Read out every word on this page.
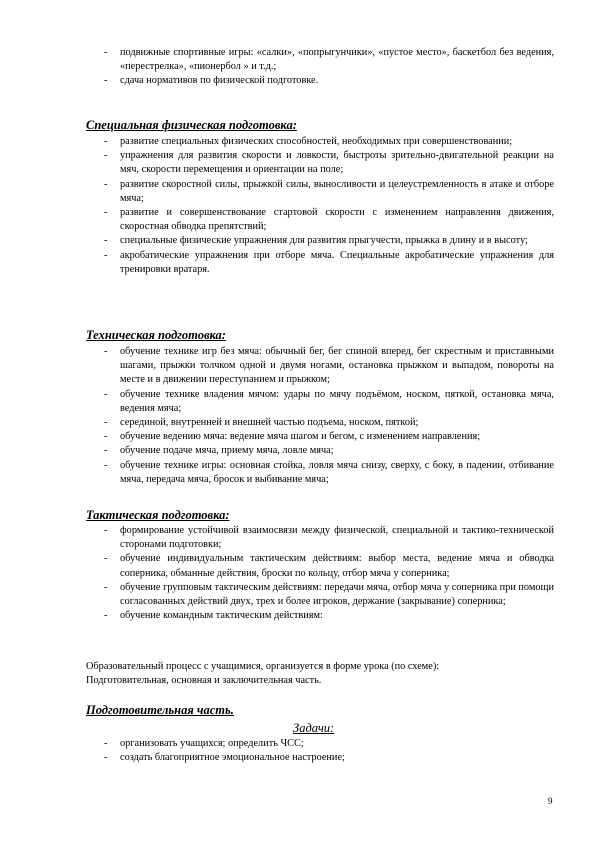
- подвижные спортивные игры: «салки», «попрыгунчики», «пустое место», баскетбол без ведения, «перестрелка», «пионербол » и т.д.;
- сдача нормативов по физической подготовке.
Специальная физическая подготовка:
- развитие специальных физических способностей, необходимых при совершенствовании;
- упражнения для развития скорости и ловкости, быстроты зрительно-двигательной реакции на мяч, скорости перемещения и ориентации на поле;
- развитие скоростной силы, прыжкой силы, выносливости и целеустремленность в атаке и отборе мяча;
- развитие и совершенствование стартовой скорости с изменением направления движения, скоростная обводка препятствий;
- специальные физические упражнения для развития прыгучести, прыжка в длину и в высоту;
- акробатические упражнения при отборе мяча. Специальные акробатические упражнения для тренировки вратаря.
Техническая подготовка:
- обучение технике игр без мяча: обычный бег, бег спиной вперед, бег скрестным и приставными шагами, прыжки толчком одной и двумя ногами, остановка прыжком и выпадом, повороты на месте и в движении переступанием и прыжком;
- обучение технике владения мячом: удары по мячу подъёмом, носком, пяткой, остановка мяча, ведения мяча;
- серединой, внутренней и внешней частью подъема, носком, пяткой;
- обучение ведению мяча: ведение мяча шагом и бегом, с изменением направления;
- обучение подаче мяча, приему мяча, ловле мяча;
- обучение технике игры: основная стойка, ловля мяча снизу, сверху, с боку, в падении, отбивание мяча, передача мяча, бросок и выбивание мяча;
Тактическая подготовка:
- формирование устойчивой взаимосвязи между физической, специальной и тактико-технической сторонами подготовки;
- обучение индивидуальным тактическим действиям: выбор места, ведение мяча и обводка соперника, обманные действия, броски по кольцу, отбор мяча у соперника;
- обучение групповым тактическим действиям: передачи мяча, отбор мяча у соперника при помощи согласованных действий двух, трех и более игроков, держание (закрывание) соперника;
- обучение командным тактическим действиям:
Образовательный процесс с учащимися, организуется в форме урока (по схеме):
Подготовительная, основная и заключительная часть.
Подготовительная часть.
Задачи:
- организовать учащихся; определить ЧСС;
- создать благоприятное эмоциональное настроение;
9
